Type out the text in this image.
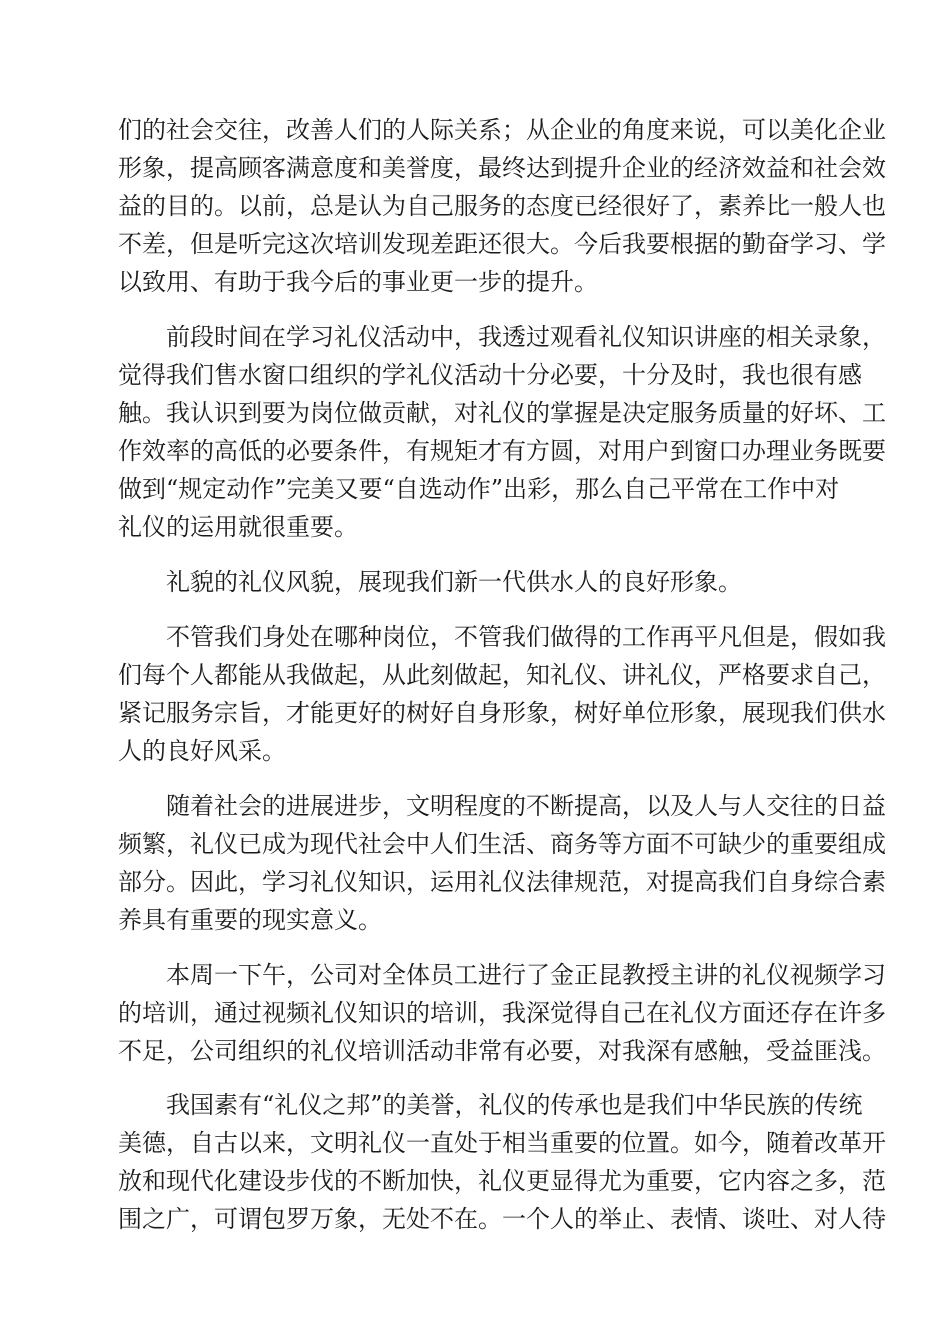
们的社会交往，改善人们的人际关系；从企业的角度来说，可以美化企业
形象，提高顾客满意度和美誉度，最终达到提升企业的经济效益和社会效
益的目的。以前，总是认为自己服务的态度已经很好了，素养比一般人也
不差，但是听完这次培训发现差距还很大。今后我要根据的勤奋学习、学
以致用、有助于我今后的事业更一步的提升。
前段时间在学习礼仪活动中，我透过观看礼仪知识讲座的相关录象，
觉得我们售水窗口组织的学礼仪活动十分必要，十分及时，我也很有感
触。我认识到要为岗位做贡献，对礼仪的掌握是决定服务质量的好坏、工
作效率的高低的必要条件，有规矩才有方圆，对用户到窗口办理业务既要
做到“规定动作”完美又要“自选动作”出彩，那么自己平常在工作中对
礼仪的运用就很重要。
礼貌的礼仪风貌，展现我们新一代供水人的良好形象。
不管我们身处在哪种岗位，不管我们做得的工作再平凡但是，假如我
们每个人都能从我做起，从此刻做起，知礼仪、讲礼仪，严格要求自己，
紧记服务宗旨，才能更好的树好自身形象，树好单位形象，展现我们供水
人的良好风采。
随着社会的进展进步，文明程度的不断提高，以及人与人交往的日益
频繁，礼仪已成为现代社会中人们生活、商务等方面不可缺少的重要组成
部分。因此，学习礼仪知识，运用礼仪法律规范，对提高我们自身综合素
养具有重要的现实意义。
本周一下午，公司对全体员工进行了金正昆教授主讲的礼仪视频学习
的培训，通过视频礼仪知识的培训，我深觉得自己在礼仪方面还存在许多
不足，公司组织的礼仪培训活动非常有必要，对我深有感触，受益匪浅。
我国素有“礼仪之邦”的美誉，礼仪的传承也是我们中华民族的传统
美德，自古以来，文明礼仪一直处于相当重要的位置。如今，随着改革开
放和现代化建设步伐的不断加快，礼仪更显得尤为重要，它内容之多，范
围之广，可谓包罗万象，无处不在。一个人的举止、表情、谈吐、对人待
